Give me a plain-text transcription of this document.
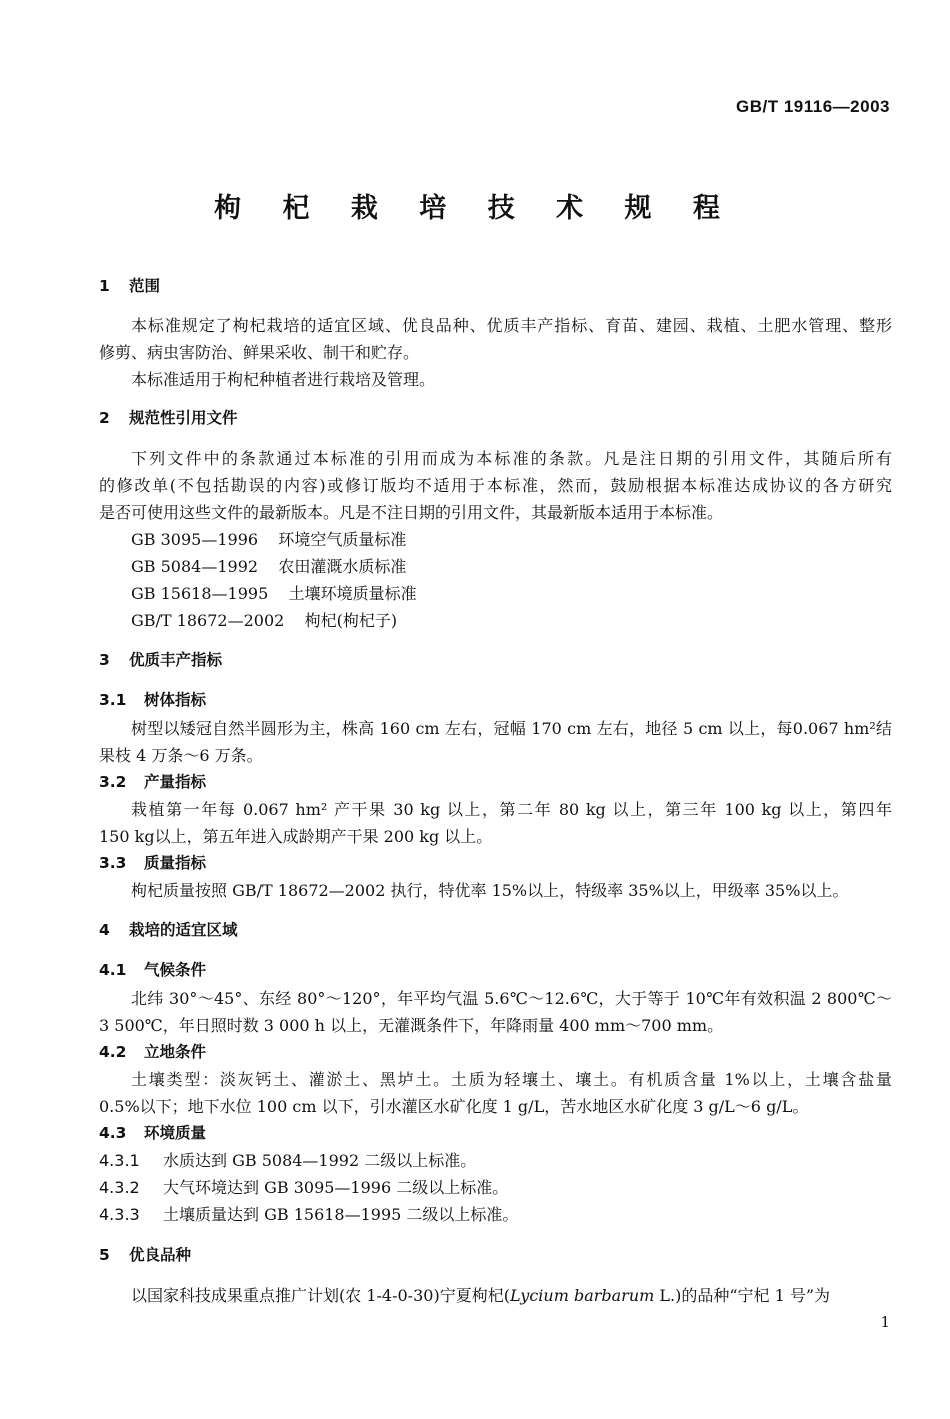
GB/T 19116—2003
枸 杞 栽 培 技 术 规 程
1 范围
本标准规定了枸杞栽培的适宜区域、优良品种、优质丰产指标、育苗、建园、栽植、土肥水管理、整形
修剪、病虫害防治、鲜果采收、制干和贮存。
本标准适用于枸杞种植者进行栽培及管理。
2 规范性引用文件
下列文件中的条款通过本标准的引用而成为本标准的条款。凡是注日期的引用文件，其随后所有
的修改单(不包括勘误的内容)或修订版均不适用于本标准，然而，鼓励根据本标准达成协议的各方研究
是否可使用这些文件的最新版本。凡是不注日期的引用文件，其最新版本适用于本标准。
GB 3095—1996 环境空气质量标准
GB 5084—1992 农田灌溉水质标准
GB 15618—1995 土壤环境质量标准
GB/T 18672—2002 枸杞(枸杞子)
3 优质丰产指标
3.1 树体指标
树型以矮冠自然半圆形为主，株高 160 cm 左右，冠幅 170 cm 左右，地径 5 cm 以上，每0.067 hm²结
果枝 4 万条～6 万条。
3.2 产量指标
栽植第一年每 0.067 hm² 产干果 30 kg 以上，第二年 80 kg 以上，第三年 100 kg 以上，第四年
150 kg以上，第五年进入成龄期产干果 200 kg 以上。
3.3 质量指标
枸杞质量按照 GB/T 18672—2002 执行，特优率 15%以上，特级率 35%以上，甲级率 35%以上。
4 栽培的适宜区域
4.1 气候条件
北纬 30°～45°、东经 80°～120°，年平均气温 5.6℃～12.6℃，大于等于 10℃年有效积温 2 800℃～
3 500℃，年日照时数 3 000 h 以上，无灌溉条件下，年降雨量 400 mm～700 mm。
4.2 立地条件
土壤类型：淡灰钙土、灌淤土、黑垆土。土质为轻壤土、壤土。有机质含量 1%以上，土壤含盐量
0.5%以下；地下水位 100 cm 以下，引水灌区水矿化度 1 g/L，苦水地区水矿化度 3 g/L～6 g/L。
4.3 环境质量
4.3.1 水质达到 GB 5084—1992 二级以上标准。
4.3.2 大气环境达到 GB 3095—1996 二级以上标准。
4.3.3 土壤质量达到 GB 15618—1995 二级以上标准。
5 优良品种
以国家科技成果重点推广计划(农 1-4-0-30)宁夏枸杞(Lycium barbarum L.)的品种“宁杞 1 号”为
1
